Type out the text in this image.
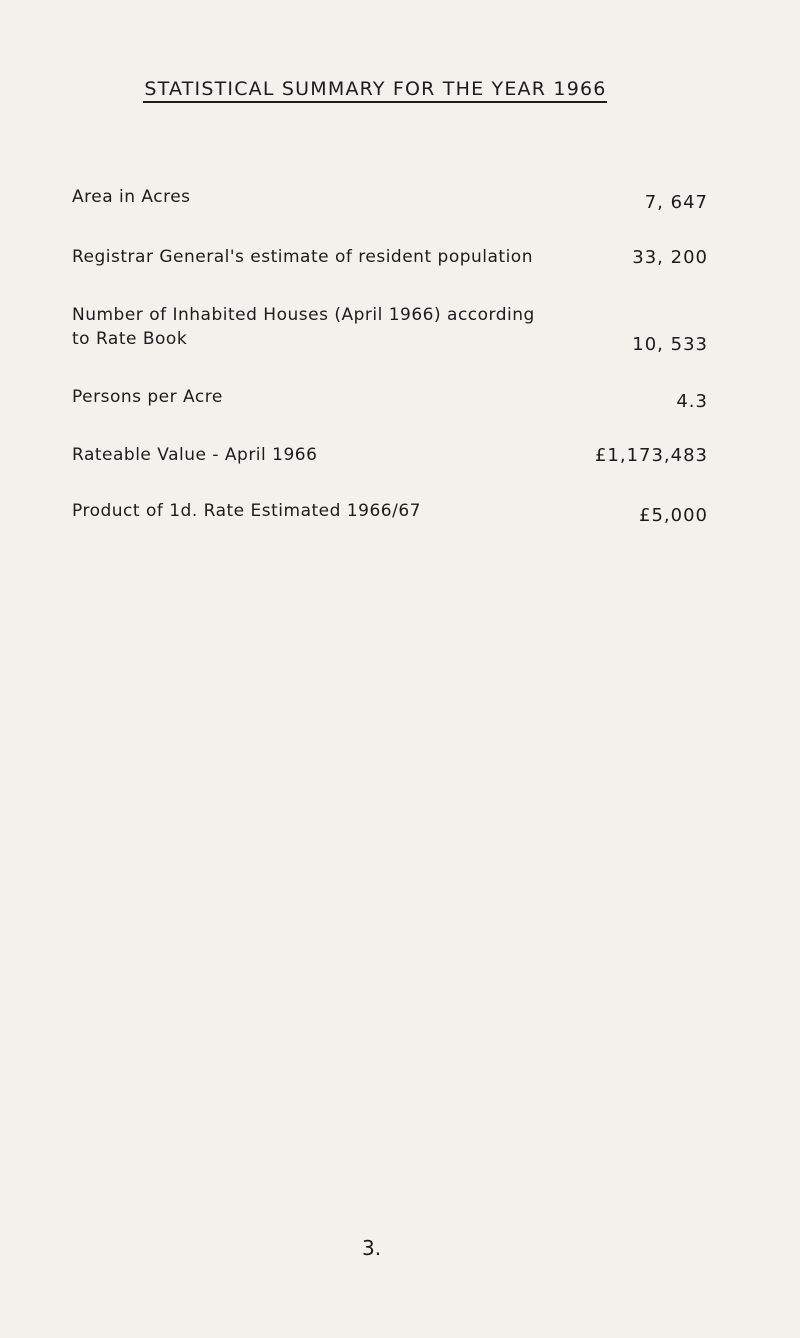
STATISTICAL SUMMARY FOR THE YEAR 1966
Area in Acres	7, 647
Registrar General's estimate of resident population	33, 200
Number of Inhabited Houses (April 1966) according
to Rate Book	10, 533
Persons per Acre	4.3
Rateable Value - April 1966	£1,173,483
Product of 1d. Rate Estimated 1966/67	£5,000
3.
